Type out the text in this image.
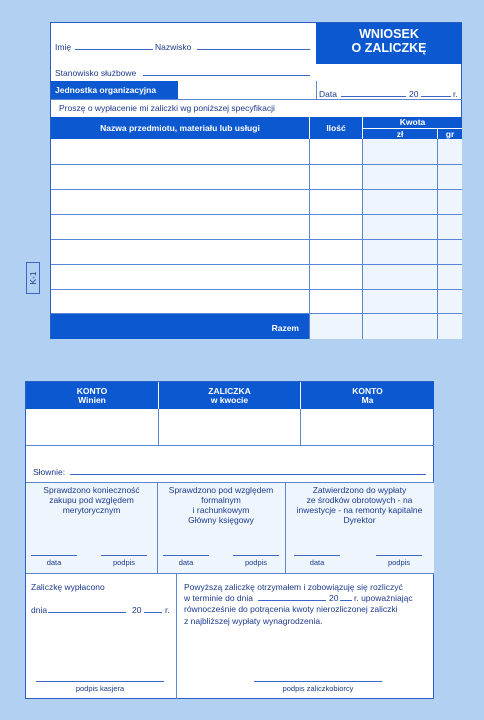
K-1
WNIOSEK
O ZALICZKĘ
Imię	Nazwisko
Stanowisko służbowe
Jednostka organizacyjna	Data	20	r.
Proszę o wypłacenie mi zaliczki wg poniższej specyfikacji
Nazwa przedmiotu, materiału lub usługi	Ilość
Kwota
zł	gr
Razem
KONTO
Winien
ZALICZKA
w kwocie
KONTO
Ma
Słownie:
Sprawdzono konieczność
zakupu pod względem
merytorycznym
Sprawdzono pod względem
formalnym
i rachunkowym
Główny księgowy
Zatwierdzono do wypłaty
ze środków obrotowych - na
inwestycje - na remonty kapitalne
Dyrektor
data	podpis	data	podpis	data	podpis
Zaliczkę wypłacono
dnia	20	r.
podpis kasjera
Powyższą zaliczkę otrzymałem i zobowiązuję się rozliczyć
w terminie do dnia	20 r. upoważniając
równocześnie do potrącenia kwoty nierozliczonej zaliczki
z najbliższej wypłaty wynagrodzenia.
podpis zaliczkobiorcy
